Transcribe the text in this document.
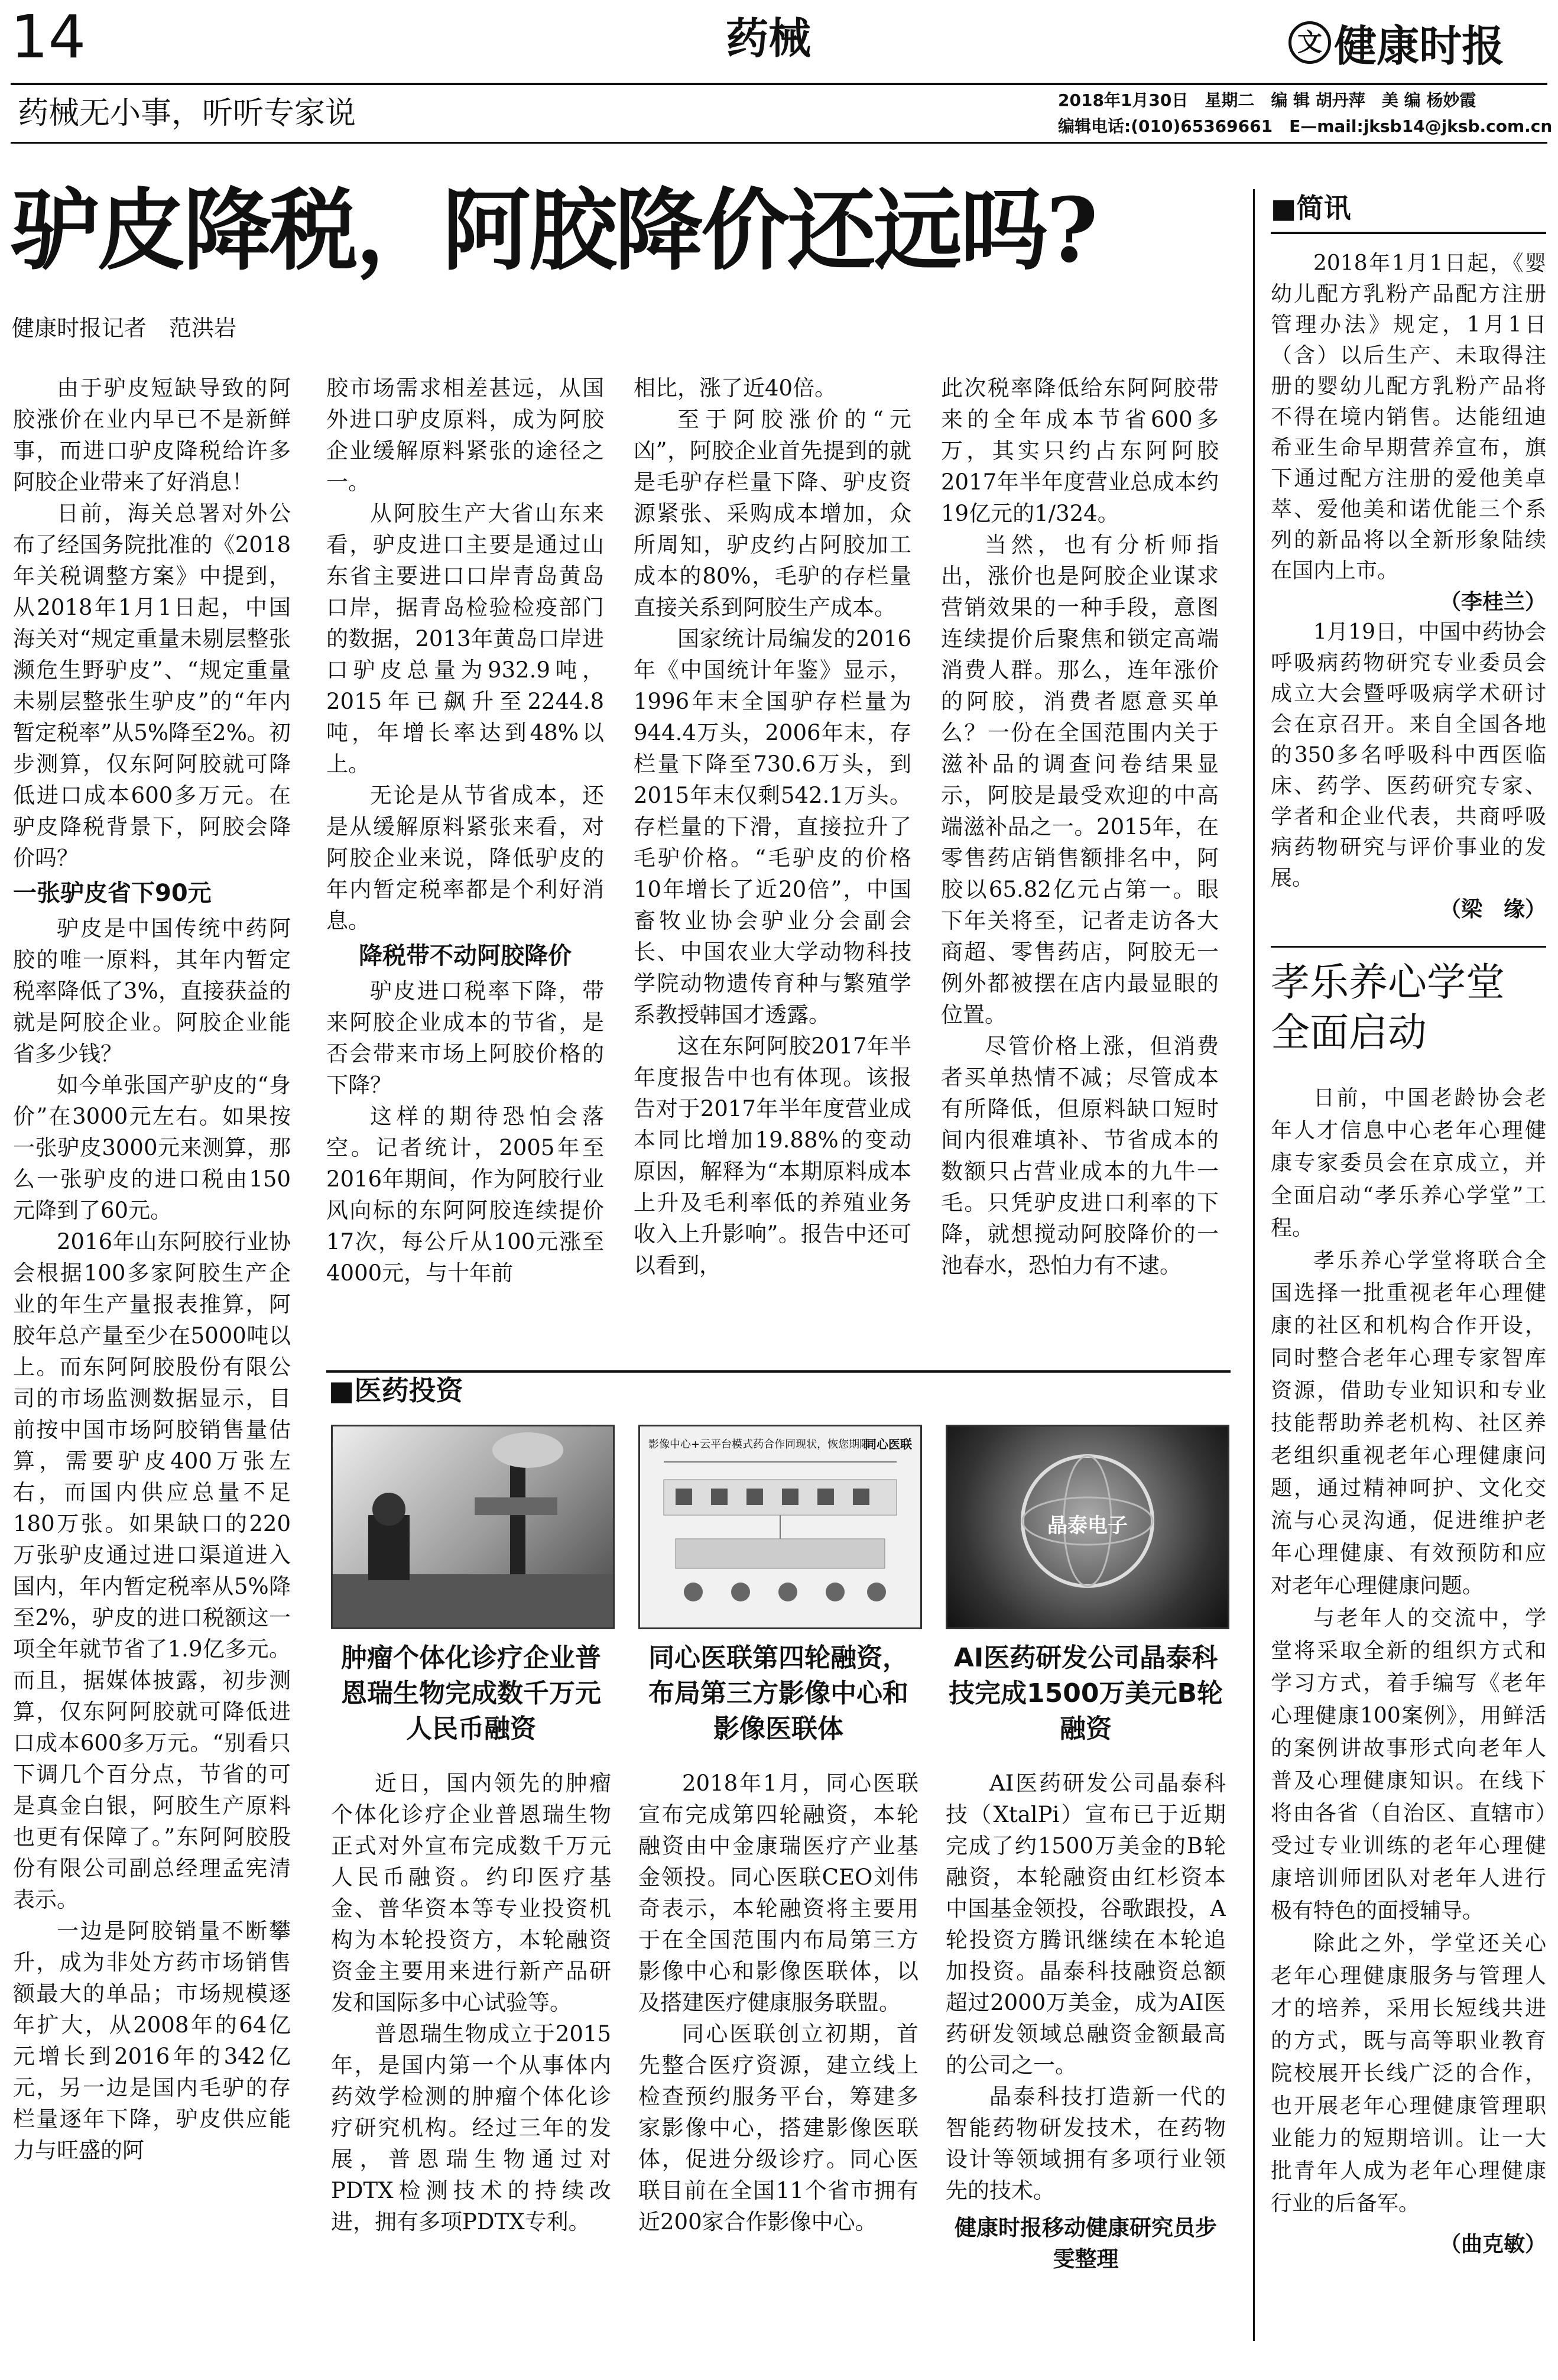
14	药械	文 健康时报
药械无小事，听听专家说	2018年1月30日　星期二　编 辑 胡丹萍　美 编 杨妙霞
编辑电话:(010)65369661　E—mail:jksb14@jksb.com.cn
驴皮降税，阿胶降价还远吗?
健康时报记者　范洪岩

由于驴皮短缺导致的阿胶涨价在业内早已不是新鲜事，而进口驴皮降税给许多阿胶企业带来了好消息！

日前，海关总署对外公布了经国务院批准的《2018年关税调整方案》中提到，从2018年1月1日起，中国海关对“规定重量未剔层整张濒危生野驴皮”、“规定重量未剔层整张生驴皮”的“年内暂定税率”从5%降至2%。初步测算，仅东阿阿胶就可降低进口成本600多万元。在驴皮降税背景下，阿胶会降价吗？

一张驴皮省下90元

驴皮是中国传统中药阿胶的唯一原料，其年内暂定税率降低了3%，直接获益的就是阿胶企业。阿胶企业能省多少钱？

如今单张国产驴皮的“身价”在3000元左右。如果按一张驴皮3000元来测算，那么一张驴皮的进口税由150元降到了60元。

2016年山东阿胶行业协会根据100多家阿胶生产企业的年生产量报表推算，阿胶年总产量至少在5000吨以上。而东阿阿胶股份有限公司的市场监测数据显示，目前按中国市场阿胶销售量估算，需要驴皮400万张左右，而国内供应总量不足180万张。如果缺口的220万张驴皮通过进口渠道进入国内，年内暂定税率从5%降至2%，驴皮的进口税额这一项全年就节省了1.9亿多元。而且，据媒体披露，初步测算，仅东阿阿胶就可降低进口成本600多万元。“别看只下调几个百分点，节省的可是真金白银，阿胶生产原料也更有保障了。”东阿阿胶股份有限公司副总经理孟宪清表示。

一边是阿胶销量不断攀升，成为非处方药市场销售额最大的单品；市场规模逐年扩大，从2008年的64亿元增长到2016年的342亿元，另一边是国内毛驴的存栏量逐年下降，驴皮供应能力与旺盛的阿

胶市场需求相差甚远，从国外进口驴皮原料，成为阿胶企业缓解原料紧张的途径之一。

从阿胶生产大省山东来看，驴皮进口主要是通过山东省主要进口口岸青岛黄岛口岸，据青岛检验检疫部门的数据，2013年黄岛口岸进口驴皮总量为932.9吨，2015年已飙升至2244.8吨，年增长率达到48%以上。

无论是从节省成本，还是从缓解原料紧张来看，对阿胶企业来说，降低驴皮的年内暂定税率都是个利好消息。

降税带不动阿胶降价

驴皮进口税率下降，带来阿胶企业成本的节省，是否会带来市场上阿胶价格的下降？

这样的期待恐怕会落空。记者统计，2005年至2016年期间，作为阿胶行业风向标的东阿阿胶连续提价17次，每公斤从100元涨至4000元，与十年前

相比，涨了近40倍。

至于阿胶涨价的“元凶”，阿胶企业首先提到的就是毛驴存栏量下降、驴皮资源紧张、采购成本增加，众所周知，驴皮约占阿胶加工成本的80%，毛驴的存栏量直接关系到阿胶生产成本。

国家统计局编发的2016年《中国统计年鉴》显示，1996年末全国驴存栏量为944.4万头，2006年末，存栏量下降至730.6万头，到2015年末仅剩542.1万头。存栏量的下滑，直接拉升了毛驴价格。“毛驴皮的价格10年增长了近20倍”，中国畜牧业协会驴业分会副会长、中国农业大学动物科技学院动物遗传育种与繁殖学系教授韩国才透露。

这在东阿阿胶2017年半年度报告中也有体现。该报告对于2017年半年度营业成本同比增加19.88%的变动原因，解释为“本期原料成本上升及毛利率低的养殖业务收入上升影响”。报告中还可以看到，

此次税率降低给东阿阿胶带来的全年成本节省600多万，其实只约占东阿阿胶2017年半年度营业总成本约19亿元的1/324。

当然，也有分析师指出，涨价也是阿胶企业谋求营销效果的一种手段，意图连续提价后聚焦和锁定高端消费人群。那么，连年涨价的阿胶，消费者愿意买单么？一份在全国范围内关于滋补品的调查问卷结果显示，阿胶是最受欢迎的中高端滋补品之一。2015年，在零售药店销售额排名中，阿胶以65.82亿元占第一。眼下年关将至，记者走访各大商超、零售药店，阿胶无一例外都被摆在店内最显眼的位置。

尽管价格上涨，但消费者买单热情不减；尽管成本有所降低，但原料缺口短时间内很难填补、节省成本的数额只占营业成本的九牛一毛。只凭驴皮进口利率的下降，就想搅动阿胶降价的一池春水，恐怕力有不逮。

■简讯

2018年1月1日起，《婴幼儿配方乳粉产品配方注册管理办法》规定，1月1日（含）以后生产、未取得注册的婴幼儿配方乳粉产品将不得在境内销售。达能纽迪希亚生命早期营养宣布，旗下通过配方注册的爱他美卓萃、爱他美和诺优能三个系列的新品将以全新形象陆续在国内上市。

（李桂兰）

1月19日，中国中药协会呼吸病药物研究专业委员会成立大会暨呼吸病学术研讨会在京召开。来自全国各地的350多名呼吸科中西医临床、药学、医药研究专家、学者和企业代表，共商呼吸病药物研究与评价事业的发展。

（梁　缘）
孝乐养心学堂
全面启动

日前，中国老龄协会老年人才信息中心老年心理健康专家委员会在京成立，并全面启动“孝乐养心学堂”工程。

孝乐养心学堂将联合全国选择一批重视老年心理健康的社区和机构合作开设，同时整合老年心理专家智库资源，借助专业知识和专业技能帮助养老机构、社区养老组织重视老年心理健康问题，通过精神呵护、文化交流与心灵沟通，促进维护老年心理健康、有效预防和应对老年心理健康问题。

与老年人的交流中，学堂将采取全新的组织方式和学习方式，着手编写《老年心理健康100案例》，用鲜活的案例讲故事形式向老年人普及心理健康知识。在线下将由各省（自治区、直辖市）受过专业训练的老年心理健康培训师团队对老年人进行极有特色的面授辅导。

除此之外，学堂还关心老年心理健康服务与管理人才的培养，采用长短线共进的方式，既与高等职业教育院校展开长线广泛的合作，也开展老年心理健康管理职业能力的短期培训。让一大批青年人成为老年心理健康行业的后备军。

（曲克敏）
■医药投资
影像中心+云平台模式药合作同现状，恢您期限
同心医联
晶泰电子
肿瘤个体化诊疗企业普恩瑞生物完成数千万元人民币融资

近日，国内领先的肿瘤个体化诊疗企业普恩瑞生物正式对外宣布完成数千万元人民币融资。约印医疗基金、普华资本等专业投资机构为本轮投资方，本轮融资资金主要用来进行新产品研发和国际多中心试验等。

普恩瑞生物成立于2015年，是国内第一个从事体内药效学检测的肿瘤个体化诊疗研究机构。经过三年的发展，普恩瑞生物通过对PDTX检测技术的持续改进，拥有多项PDTX专利。

同心医联第四轮融资，布局第三方影像中心和影像医联体

2018年1月，同心医联宣布完成第四轮融资，本轮融资由中金康瑞医疗产业基金领投。同心医联CEO刘伟奇表示，本轮融资将主要用于在全国范围内布局第三方影像中心和影像医联体，以及搭建医疗健康服务联盟。

同心医联创立初期，首先整合医疗资源，建立线上检查预约服务平台，筹建多家影像中心，搭建影像医联体，促进分级诊疗。同心医联目前在全国11个省市拥有近200家合作影像中心。

AI医药研发公司晶泰科技完成1500万美元B轮融资

AI医药研发公司晶泰科技（XtalPi）宣布已于近期完成了约1500万美金的B轮融资，本轮融资由红杉资本中国基金领投，谷歌跟投，A轮投资方腾讯继续在本轮追加投资。晶泰科技融资总额超过2000万美金，成为AI医药研发领域总融资金额最高的公司之一。

晶泰科技打造新一代的智能药物研发技术，在药物设计等领域拥有多项行业领先的技术。

健康时报移动健康研究员步雯整理
